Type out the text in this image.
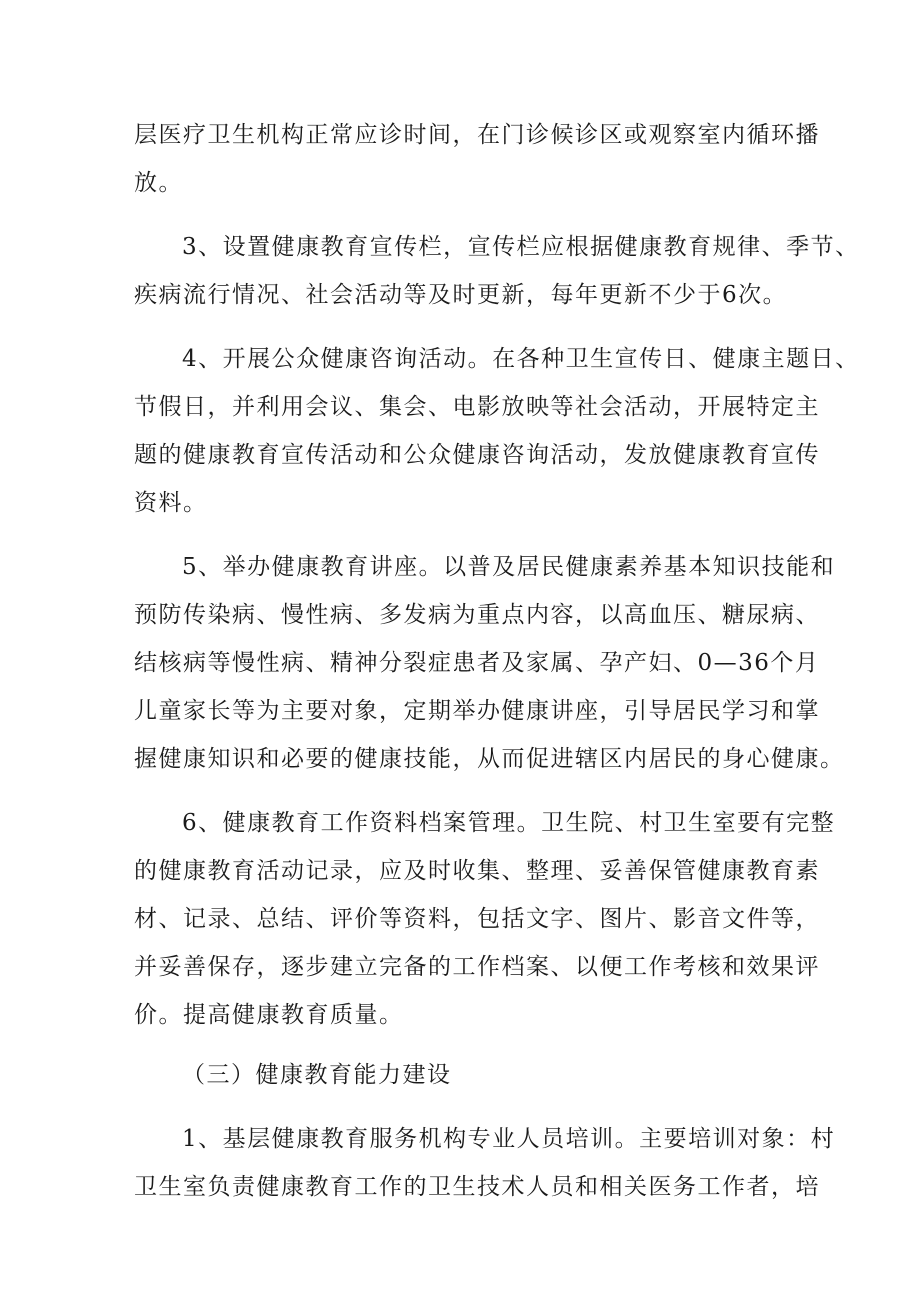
层医疗卫生机构正常应诊时间，在门诊候诊区或观察室内循环播

放。

3、设置健康教育宣传栏，宣传栏应根据健康教育规律、季节、

疾病流行情况、社会活动等及时更新，每年更新不少于6次。

4、开展公众健康咨询活动。在各种卫生宣传日、健康主题日、

节假日，并利用会议、集会、电影放映等社会活动，开展特定主

题的健康教育宣传活动和公众健康咨询活动，发放健康教育宣传

资料。

5、举办健康教育讲座。以普及居民健康素养基本知识技能和

预防传染病、慢性病、多发病为重点内容，以高血压、糖尿病、

结核病等慢性病、精神分裂症患者及家属、孕产妇、0—36个月

儿童家长等为主要对象，定期举办健康讲座，引导居民学习和掌

握健康知识和必要的健康技能，从而促进辖区内居民的身心健康。

6、健康教育工作资料档案管理。卫生院、村卫生室要有完整

的健康教育活动记录，应及时收集、整理、妥善保管健康教育素

材、记录、总结、评价等资料，包括文字、图片、影音文件等，

并妥善保存，逐步建立完备的工作档案、以便工作考核和效果评

价。提高健康教育质量。

（三）健康教育能力建设

1、基层健康教育服务机构专业人员培训。主要培训对象：村

卫生室负责健康教育工作的卫生技术人员和相关医务工作者，培
